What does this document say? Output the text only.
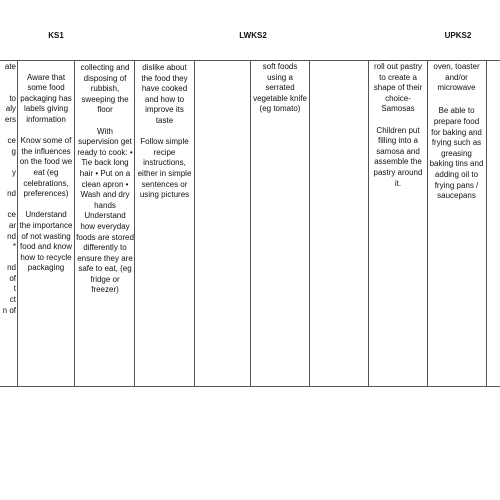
KS1	LWKS2	UPKS2

ate

to
aly
ers

ce
g

y

nd

ce
ar
nd
*

nd
of
t
ct
n of

Aware that some food packaging has labels giving information

Know some of the influences on the food we eat (eg celebrations, preferences)

Understand the importance of not wasting food and know how to recycle packaging

collecting and disposing of rubbish, sweeping the floor

With supervision get ready to cook: • Tie back long hair • Put on a clean apron • Wash and dry hands Understand how everyday foods are stored differently to ensure they are safe to eat, (eg fridge or freezer)

dislike about the food they have cooked and how to improve its taste

Follow simple recipe instructions, either in simple sentences or using pictures

soft foods using a serrated vegetable knife (eg tomato)

roll out pastry to create a shape of their choice- Samosas

Children put filling into a samosa and assemble the pastry around it.

oven, toaster and/or microwave

Be able to prepare food for baking and frying such as greasing baking tins and adding oil to frying pans / saucepans
